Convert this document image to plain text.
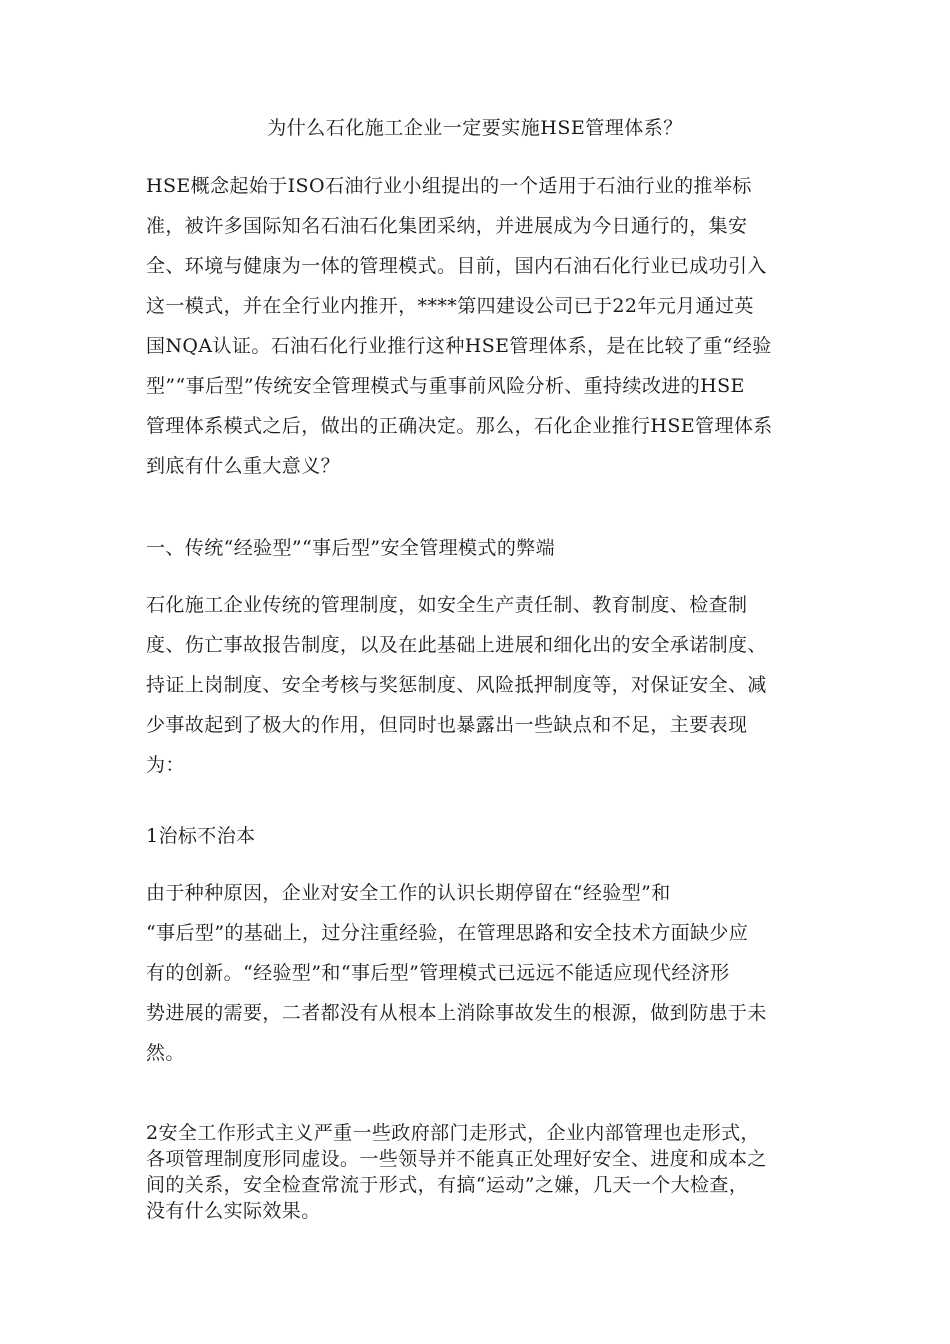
为什么石化施工企业一定要实施HSE管理体系？

HSE概念起始于ISO石油行业小组提出的一个适用于石油行业的推举标
准，被许多国际知名石油石化集团采纳，并进展成为今日通行的，集安
全、环境与健康为一体的管理模式。目前，国内石油石化行业已成功引入
这一模式，并在全行业内推开，****第四建设公司已于22年元月通过英
国NQA认证。石油石化行业推行这种HSE管理体系，是在比较了重“经验
型”“事后型”传统安全管理模式与重事前风险分析、重持续改进的HSE
管理体系模式之后，做出的正确决定。那么，石化企业推行HSE管理体系
到底有什么重大意义？

一、传统“经验型”“事后型”安全管理模式的弊端

石化施工企业传统的管理制度，如安全生产责任制、教育制度、检查制
度、伤亡事故报告制度，以及在此基础上进展和细化出的安全承诺制度、
持证上岗制度、安全考核与奖惩制度、风险抵押制度等，对保证安全、减
少事故起到了极大的作用，但同时也暴露出一些缺点和不足，主要表现
为：

1治标不治本

由于种种原因，企业对安全工作的认识长期停留在“经验型”和
“事后型”的基础上，过分注重经验，在管理思路和安全技术方面缺少应
有的创新。“经验型”和“事后型”管理模式已远远不能适应现代经济形
势进展的需要，二者都没有从根本上消除事故发生的根源，做到防患于未
然。

2安全工作形式主义严重一些政府部门走形式，企业内部管理也走形式，
各项管理制度形同虚设。一些领导并不能真正处理好安全、进度和成本之
间的关系，安全检查常流于形式，有搞“运动”之嫌，几天一个大检查，
没有什么实际效果。
